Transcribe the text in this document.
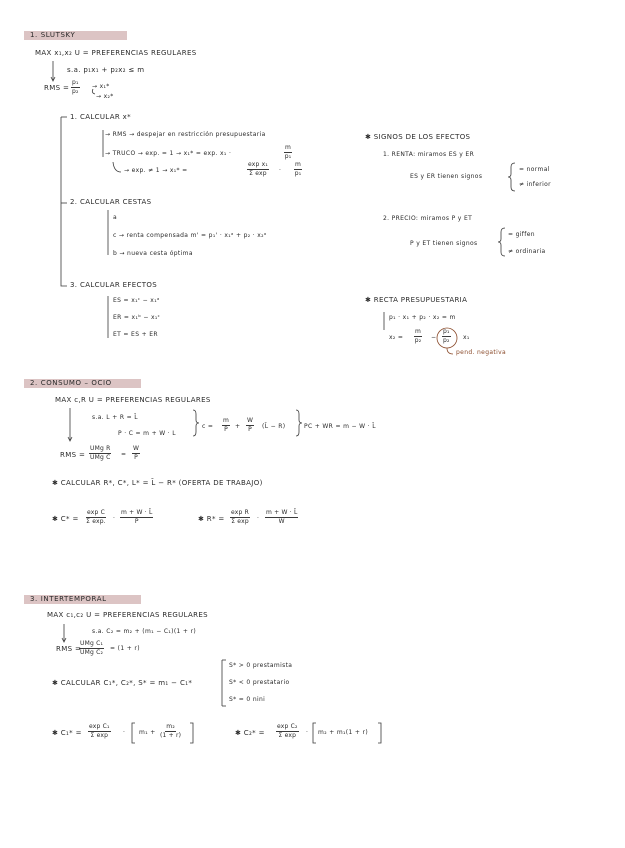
1. SLUTSKY
MAX x₁,x₂ U = PREFERENCIAS REGULARES
s.a. p₁x₁ + p₂x₂ ≤ m
RMS = $\frac{\text{p₁}}{\text{p₂}} \to x_1*$
→ x₂*
1. CALCULAR x*
→ RMS → despejar en restricción presupuestaria
→ TRUCO → exp. = 1 → x₁* = exp. x₁ ·	$\frac{m}{\text{p₁}}$
→ exp. ≠ 1 → x₁* =	$\frac{\text{exp x₁}}{\text{Σ exp}} \cdot \frac{m}{\text{p₁}}$
2. CALCULAR CESTAS
a
c → renta compensada m' = p₁' · x₁ᵃ + p₂ · x₂ᵃ
b → nueva cesta óptima
3. CALCULAR EFECTOS
ES = x₁ᶜ − x₁ᵃ
ER = x₁ᵇ − x₁ᶜ
ET = ES + ER
✱ SIGNOS DE LOS EFECTOS
1. RENTA: miramos ES y ER
ES y ER tienen signos
= normal
≠ inferior
2. PRECIO: miramos P y ET
P y ET tienen signos
= giffen
≠ ordinaria
✱ RECTA PRESUPUESTARIA
p₁ · x₁ + p₂ · x₂ = m
$x_2 = \frac{m}{\text{p₂}} - \frac{\text{p₁}}{\text{p₂}} x_1$
pend. negativa
2. CONSUMO – OCIO
MAX c,R U = PREFERENCIAS REGULARES
s.a. L + R = L̄
P · C = m + W · L
$c = \frac{m}{P} + \frac{W}{P}$ (L̄ − R)	PC + WR = m − W · L̄
RMS =
UMg R
UMg $C = \frac{W}{P}$
✱ CALCULAR R*, C*, L* = L̄ − R* (OFERTA DE TRABAJO)
✱ $C* = \frac{\text{exp C}}{\text{Σ exp.}} \cdot \frac{m + W \cdot L̄}{P}$	✱ $R* = \frac{\text{exp R}}{\text{Σ exp}} \cdot \frac{m + W \cdot L̄}{W}$
3. INTERTEMPORAL
MAX c₁,c₂ U = PREFERENCIAS REGULARES
s.a. C₂ = m₂ + (m₁ − C₁)(1 + r)
RMS =
UMg C₁
UMg C₂
= (1 + r)
✱ CALCULAR C₁*, C₂*, S* = m₁ − C₁*
S* > 0 prestamista
S* < 0 prestatario
S* = 0 nini
✱ $C_1* = \frac{\text{exp C₁}}{\text{Σ exp}} \cdot m_1 + \frac{\text{m₂}}{(1 + r)}$	✱ $C_2* = \frac{\text{exp C₂}}{\text{Σ exp}} \cdot m_2 + m_1(1 + r)$
